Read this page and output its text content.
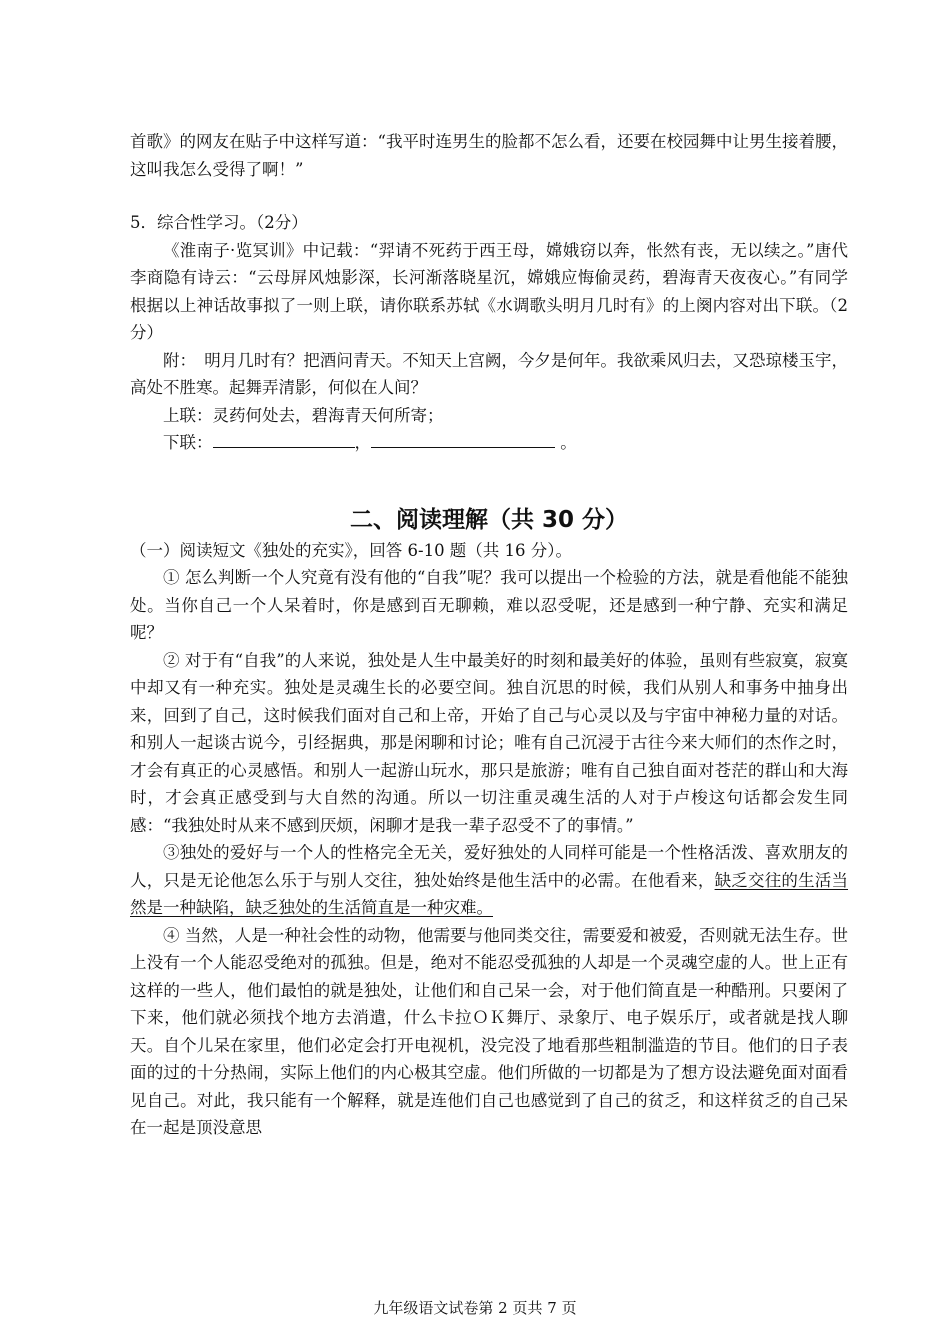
首歌》的网友在贴子中这样写道：“我平时连男生的脸都不怎么看，还要在校园舞中让男生接着腰，这叫我怎么受得了啊！”

5．综合性学习。（2分）

《淮南子·览冥训》中记载：“羿请不死药于西王母，嫦娥窃以奔，怅然有丧，无以续之。”唐代李商隐有诗云：“云母屏风烛影深，长河渐落晓星沉，嫦娥应悔偷灵药，碧海青天夜夜心。”有同学根据以上神话故事拟了一则上联，请你联系苏轼《水调歌头明月几时有》的上阕内容对出下联。（2分）

附：　明月几时有？把酒问青天。不知天上宫阙，今夕是何年。我欲乘风归去，又恐琼楼玉宇，高处不胜寒。起舞弄清影，何似在人间？

上联：灵药何处去，碧海青天何所寄；

下联：	，	。

二、阅读理解（共 30 分）

（一）阅读短文《独处的充实》，回答 6-10 题（共 16 分）。

① 怎么判断一个人究竟有没有他的“自我”呢？我可以提出一个检验的方法，就是看他能不能独处。当你自己一个人呆着时，你是感到百无聊赖，难以忍受呢，还是感到一种宁静、充实和满足呢？

② 对于有“自我”的人来说，独处是人生中最美好的时刻和最美好的体验，虽则有些寂寞，寂寞中却又有一种充实。独处是灵魂生长的必要空间。独自沉思的时候，我们从别人和事务中抽身出来，回到了自己，这时候我们面对自己和上帝，开始了自己与心灵以及与宇宙中神秘力量的对话。和别人一起谈古说今，引经据典，那是闲聊和讨论；唯有自己沉浸于古往今来大师们的杰作之时，才会有真正的心灵感悟。和别人一起游山玩水，那只是旅游；唯有自己独自面对苍茫的群山和大海时，才会真正感受到与大自然的沟通。所以一切注重灵魂生活的人对于卢梭这句话都会发生同感：“我独处时从来不感到厌烦，闲聊才是我一辈子忍受不了的事情。”

③独处的爱好与一个人的性格完全无关，爱好独处的人同样可能是一个性格活泼、喜欢朋友的人，只是无论他怎么乐于与别人交往，独处始终是他生活中的必需。在他看来，缺乏交往的生活当然是一种缺陷，缺乏独处的生活简直是一种灾难。

④ 当然，人是一种社会性的动物，他需要与他同类交往，需要爱和被爱，否则就无法生存。世上没有一个人能忍受绝对的孤独。但是，绝对不能忍受孤独的人却是一个灵魂空虚的人。世上正有这样的一些人，他们最怕的就是独处，让他们和自己呆一会，对于他们简直是一种酷刑。只要闲了下来，他们就必须找个地方去消遣，什么卡拉ＯＫ舞厅、录象厅、电子娱乐厅，或者就是找人聊天。自个儿呆在家里，他们必定会打开电视机，没完没了地看那些粗制滥造的节目。他们的日子表面的过的十分热闹，实际上他们的内心极其空虚。他们所做的一切都是为了想方设法避免面对面看见自己。对此，我只能有一个解释，就是连他们自己也感觉到了自己的贫乏，和这样贫乏的自己呆在一起是顶没意思

九年级语文试卷第 2 页共 7 页
